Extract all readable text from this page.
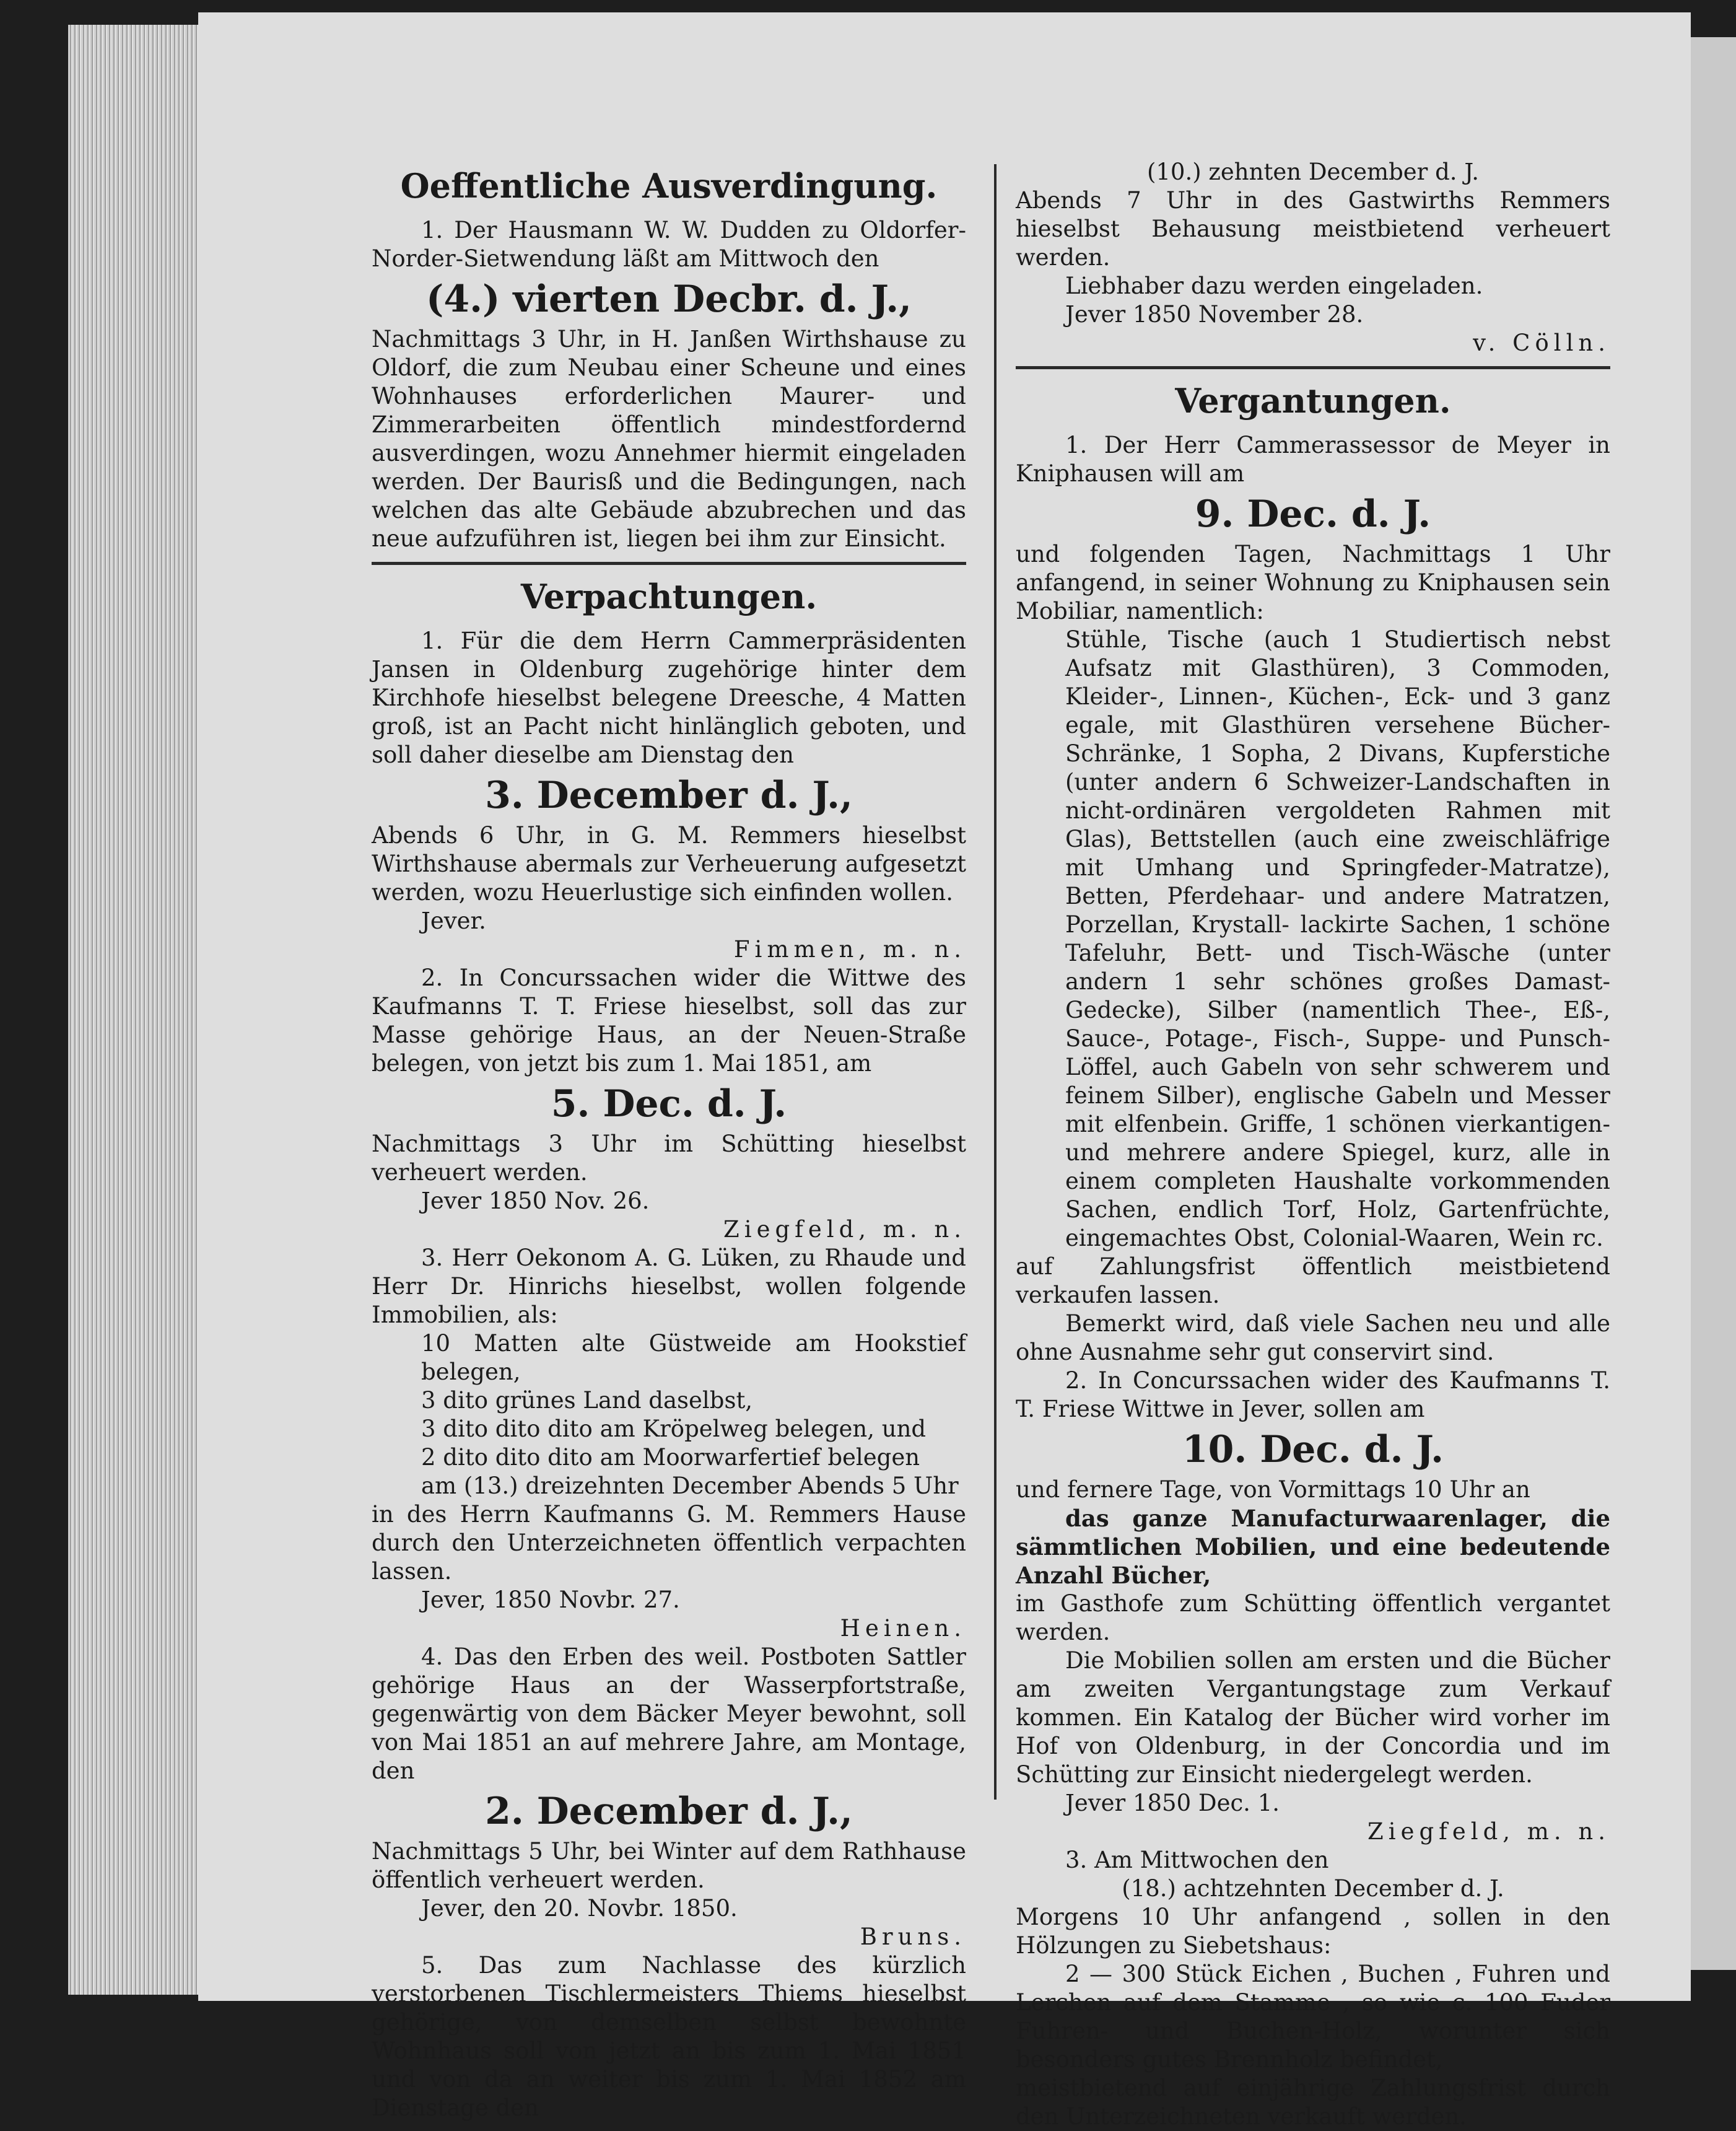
Oeffentliche Ausverdingung.

1. Der Hausmann W. W. Dudden zu Oldorfer-Norder-Sietwendung läßt am Mittwoch den

(4.) vierten Decbr. d. J.,

Nachmittags 3 Uhr, in H. Janßen Wirthshause zu Oldorf, die zum Neubau einer Scheune und eines Wohnhauses erforderlichen Maurer- und Zimmerarbeiten öffentlich mindestfordernd ausverdingen, wozu Annehmer hiermit eingeladen werden. Der Baurisß und die Bedingungen, nach welchen das alte Gebäude abzubrechen und das neue aufzuführen ist, liegen bei ihm zur Einsicht.

Verpachtungen.

1. Für die dem Herrn Cammerpräsidenten Jansen in Oldenburg zugehörige hinter dem Kirchhofe hieselbst belegene Dreesche, 4 Matten groß, ist an Pacht nicht hinlänglich geboten, und soll daher dieselbe am Dienstag den

3. December d. J.,

Abends 6 Uhr, in G. M. Remmers hieselbst Wirthshause abermals zur Verheuerung aufgesetzt werden, wozu Heuerlustige sich einfinden wollen.

Jever.

Fimmen, m. n.

2. In Concurssachen wider die Wittwe des Kaufmanns T. T. Friese hieselbst, soll das zur Masse gehörige Haus, an der Neuen-Straße belegen, von jetzt bis zum 1. Mai 1851, am

5. Dec. d. J.

Nachmittags 3 Uhr im Schütting hieselbst verheuert werden.

Jever 1850 Nov. 26.

Ziegfeld, m. n.

3. Herr Oekonom A. G. Lüken, zu Rhaude und Herr Dr. Hinrichs hieselbst, wollen folgende Immobilien, als:

10 Matten alte Güstweide am Hookstief belegen,

3 dito grünes Land daselbst,

3 dito dito dito am Kröpelweg belegen, und

2 dito dito dito am Moorwarfertief belegen

am (13.) dreizehnten December Abends 5 Uhr

in des Herrn Kaufmanns G. M. Remmers Hause durch den Unterzeichneten öffentlich verpachten lassen.

Jever, 1850 Novbr. 27.

Heinen.

4. Das den Erben des weil. Postboten Sattler gehörige Haus an der Wasserpfortstraße, gegenwärtig von dem Bäcker Meyer bewohnt, soll von Mai 1851 an auf mehrere Jahre, am Montage, den

2. December d. J.,

Nachmittags 5 Uhr, bei Winter auf dem Rathhause öffentlich verheuert werden.

Jever, den 20. Novbr. 1850.

Bruns.

5. Das zum Nachlasse des kürzlich verstorbenen Tischlermeisters Thiems hieselbst gehörige, von demselben selbst bewohnte Wohnhaus soll von jetzt an bis zum 1. Mai 1851 und von da an weiter bis zum 1. Mai 1852 am Dienstage den

(10.) zehnten December d. J.

Abends 7 Uhr in des Gastwirths Remmers hieselbst Behausung meistbietend verheuert werden.

Liebhaber dazu werden eingeladen.

Jever 1850 November 28.

v. Cölln.

Vergantungen.

1. Der Herr Cammerassessor de Meyer in Kniphausen will am

9. Dec. d. J.

und folgenden Tagen, Nachmittags 1 Uhr anfangend, in seiner Wohnung zu Kniphausen sein Mobiliar, namentlich:

Stühle, Tische (auch 1 Studiertisch nebst Aufsatz mit Glasthüren), 3 Commoden, Kleider-, Linnen-, Küchen-, Eck- und 3 ganz egale, mit Glasthüren versehene Bücher-Schränke, 1 Sopha, 2 Divans, Kupferstiche (unter andern 6 Schweizer-Landschaften in nicht-ordinären vergoldeten Rahmen mit Glas), Bettstellen (auch eine zweischläfrige mit Umhang und Springfeder-Matratze), Betten, Pferdehaar- und andere Matratzen, Porzellan, Krystall- lackirte Sachen, 1 schöne Tafeluhr, Bett- und Tisch-Wäsche (unter andern 1 sehr schönes großes Damast-Gedecke), Silber (namentlich Thee-, Eß-, Sauce-, Potage-, Fisch-, Suppe- und Punsch-Löffel, auch Gabeln von sehr schwerem und feinem Silber), englische Gabeln und Messer mit elfenbein. Griffe, 1 schönen vierkantigen- und mehrere andere Spiegel, kurz, alle in einem completen Haushalte vorkommenden Sachen, endlich Torf, Holz, Gartenfrüchte, eingemachtes Obst, Colonial-Waaren, Wein rc.

auf Zahlungsfrist öffentlich meistbietend verkaufen lassen.

Bemerkt wird, daß viele Sachen neu und alle ohne Ausnahme sehr gut conservirt sind.

2. In Concurssachen wider des Kaufmanns T. T. Friese Wittwe in Jever, sollen am

10. Dec. d. J.

und fernere Tage, von Vormittags 10 Uhr an

das ganze Manufacturwaarenlager, die sämmtlichen Mobilien, und eine bedeutende Anzahl Bücher,

im Gasthofe zum Schütting öffentlich vergantet werden.

Die Mobilien sollen am ersten und die Bücher am zweiten Vergantungstage zum Verkauf kommen. Ein Katalog der Bücher wird vorher im Hof von Oldenburg, in der Concordia und im Schütting zur Einsicht niedergelegt werden.

Jever 1850 Dec. 1.

Ziegfeld, m. n.

3. Am Mittwochen den

(18.) achtzehnten December d. J.

Morgens 10 Uhr anfangend , sollen in den Hölzungen zu Siebetshaus:

2 — 300 Stück Eichen , Buchen , Fuhren und Lerchen auf dem Stamme , so wie c. 100 Fuder Fuhren- und Buchen-Holz, worunter sich besonders gutes Brennholz befindet,

meistbietend auf einjährige Zahlungsfrist durch den Unterzeichneten verkauft werden.
